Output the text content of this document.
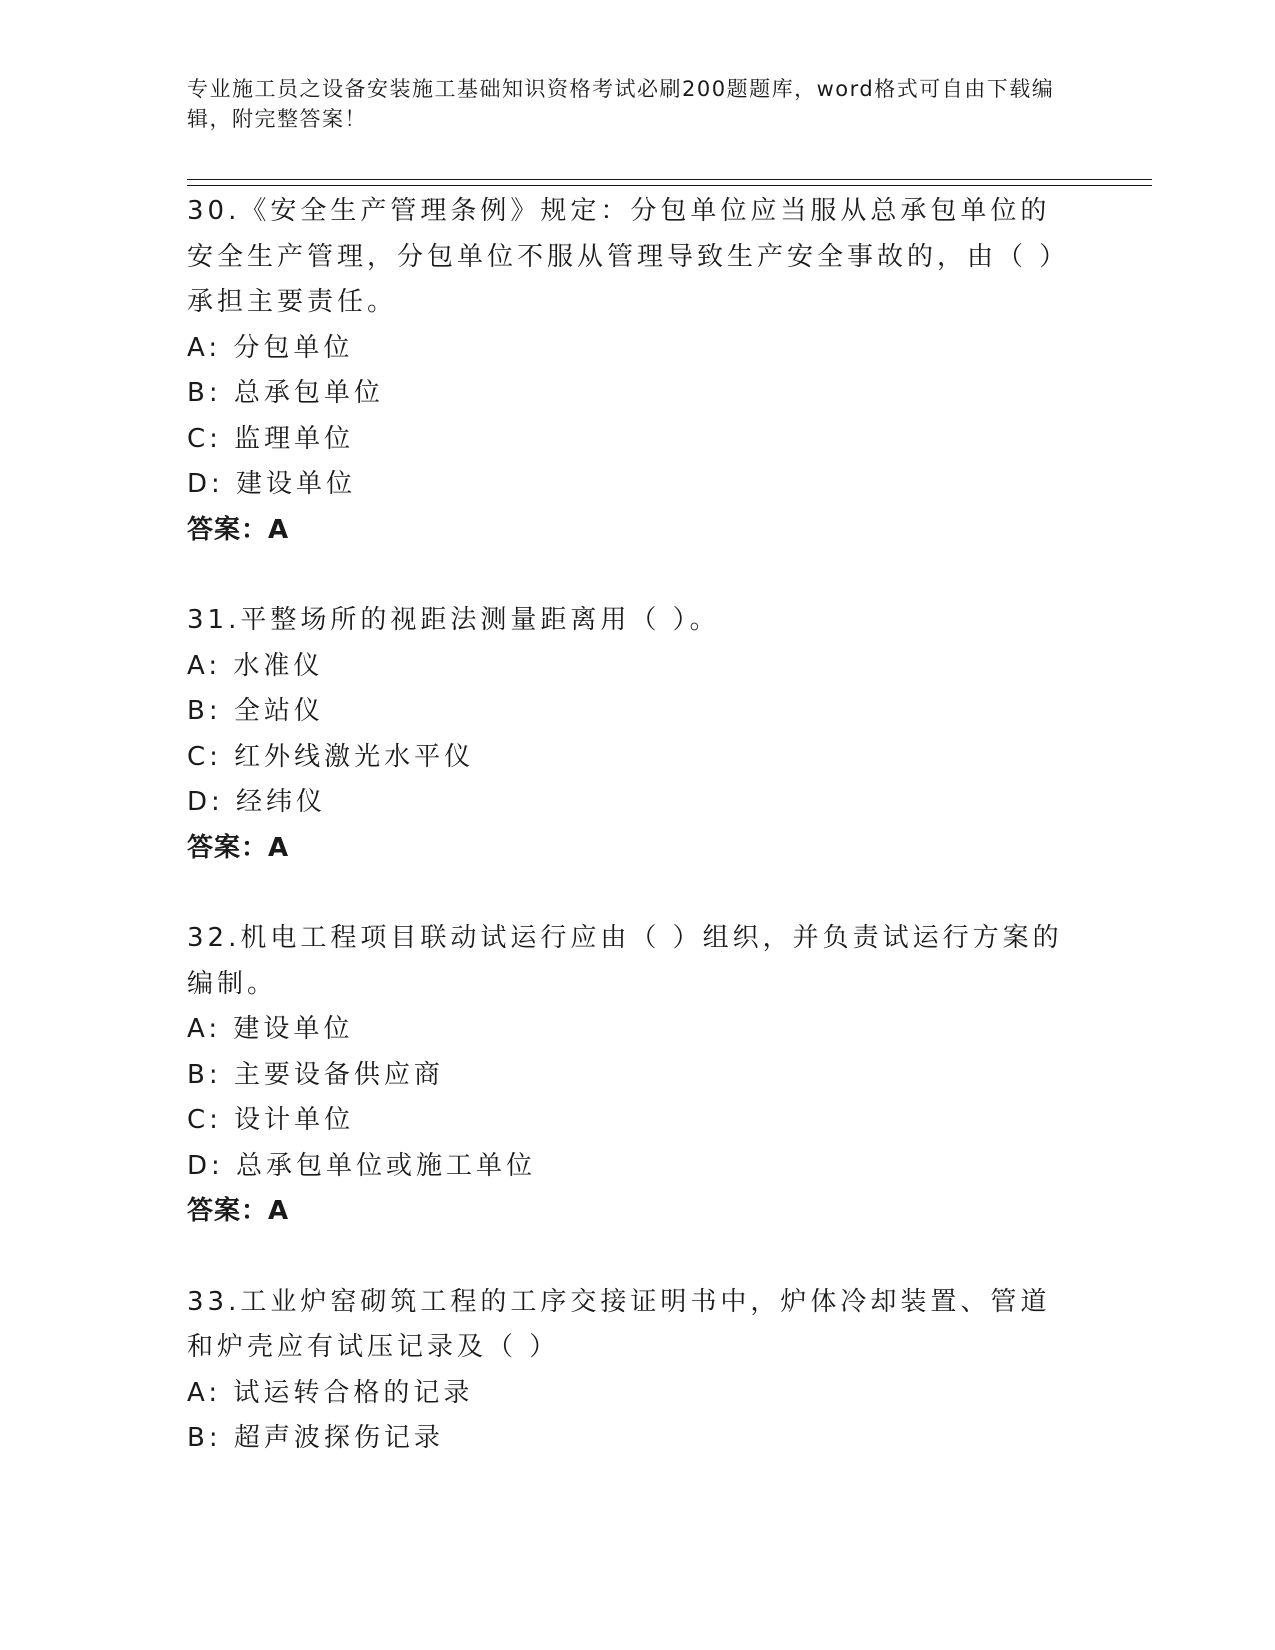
专业施工员之设备安装施工基础知识资格考试必刷200题题库，word格式可自由下载编辑，附完整答案！
30.《安全生产管理条例》规定：分包单位应当服从总承包单位的安全生产管理，分包单位不服从管理导致生产安全事故的，由（ ）承担主要责任。
A: 分包单位
B: 总承包单位
C: 监理单位
D: 建设单位
答案：A
31.平整场所的视距法测量距离用（ ）。
A: 水准仪
B: 全站仪
C: 红外线激光水平仪
D: 经纬仪
答案：A
32.机电工程项目联动试运行应由（ ）组织，并负责试运行方案的编制。
A: 建设单位
B: 主要设备供应商
C: 设计单位
D: 总承包单位或施工单位
答案：A
33.工业炉窑砌筑工程的工序交接证明书中，炉体冷却装置、管道和炉壳应有试压记录及（ ）
A: 试运转合格的记录
B: 超声波探伤记录
